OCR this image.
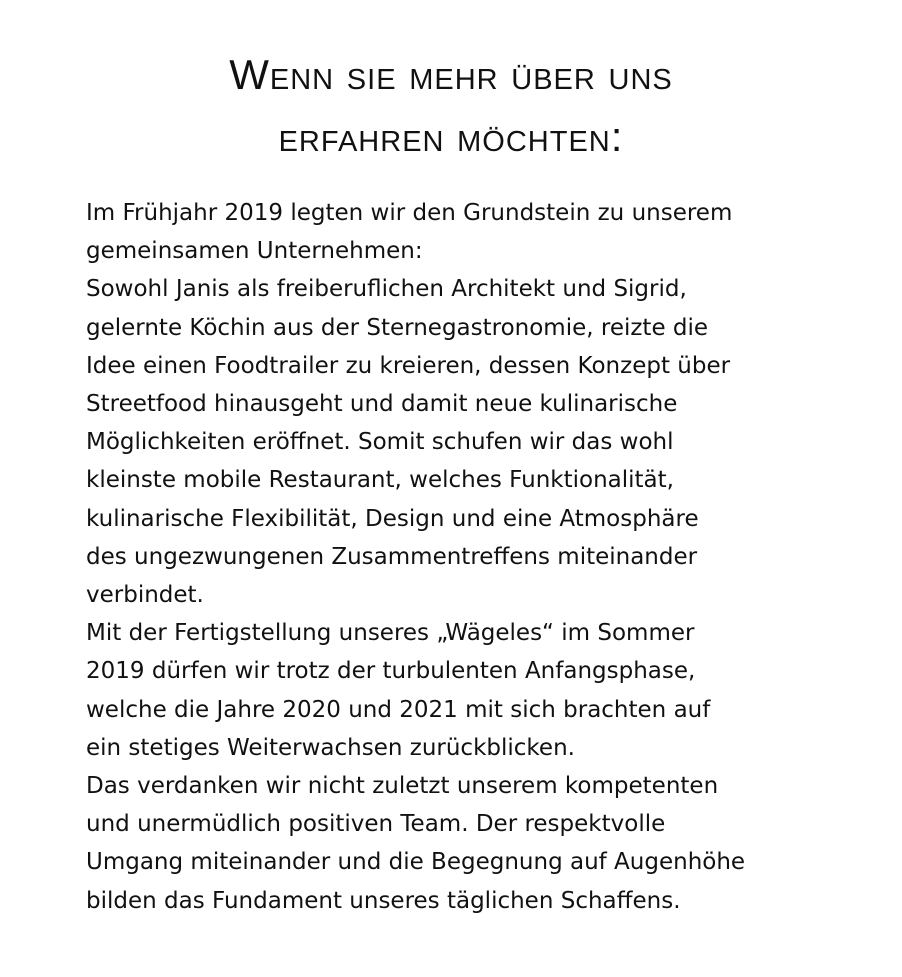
Wenn sie mehr über uns
erfahren möchten:
Im Frühjahr 2019 legten wir den Grundstein zu unserem
gemeinsamen Unternehmen:
Sowohl Janis als freiberuflichen Architekt und Sigrid,
gelernte Köchin aus der Sternegastronomie, reizte die
Idee einen Foodtrailer zu kreieren, dessen Konzept über
Streetfood hinausgeht und damit neue kulinarische
Möglichkeiten eröffnet. Somit schufen wir das wohl
kleinste mobile Restaurant, welches Funktionalität,
kulinarische Flexibilität, Design und eine Atmosphäre
des ungezwungenen Zusammentreffens miteinander
verbindet.
Mit der Fertigstellung unseres „Wägeles“ im Sommer
2019 dürfen wir trotz der turbulenten Anfangsphase,
welche die Jahre 2020 und 2021 mit sich brachten auf
ein stetiges Weiterwachsen zurückblicken.
Das verdanken wir nicht zuletzt unserem kompetenten
und unermüdlich positiven Team. Der respektvolle
Umgang miteinander und die Begegnung auf Augenhöhe
bilden das Fundament unseres täglichen Schaffens.
